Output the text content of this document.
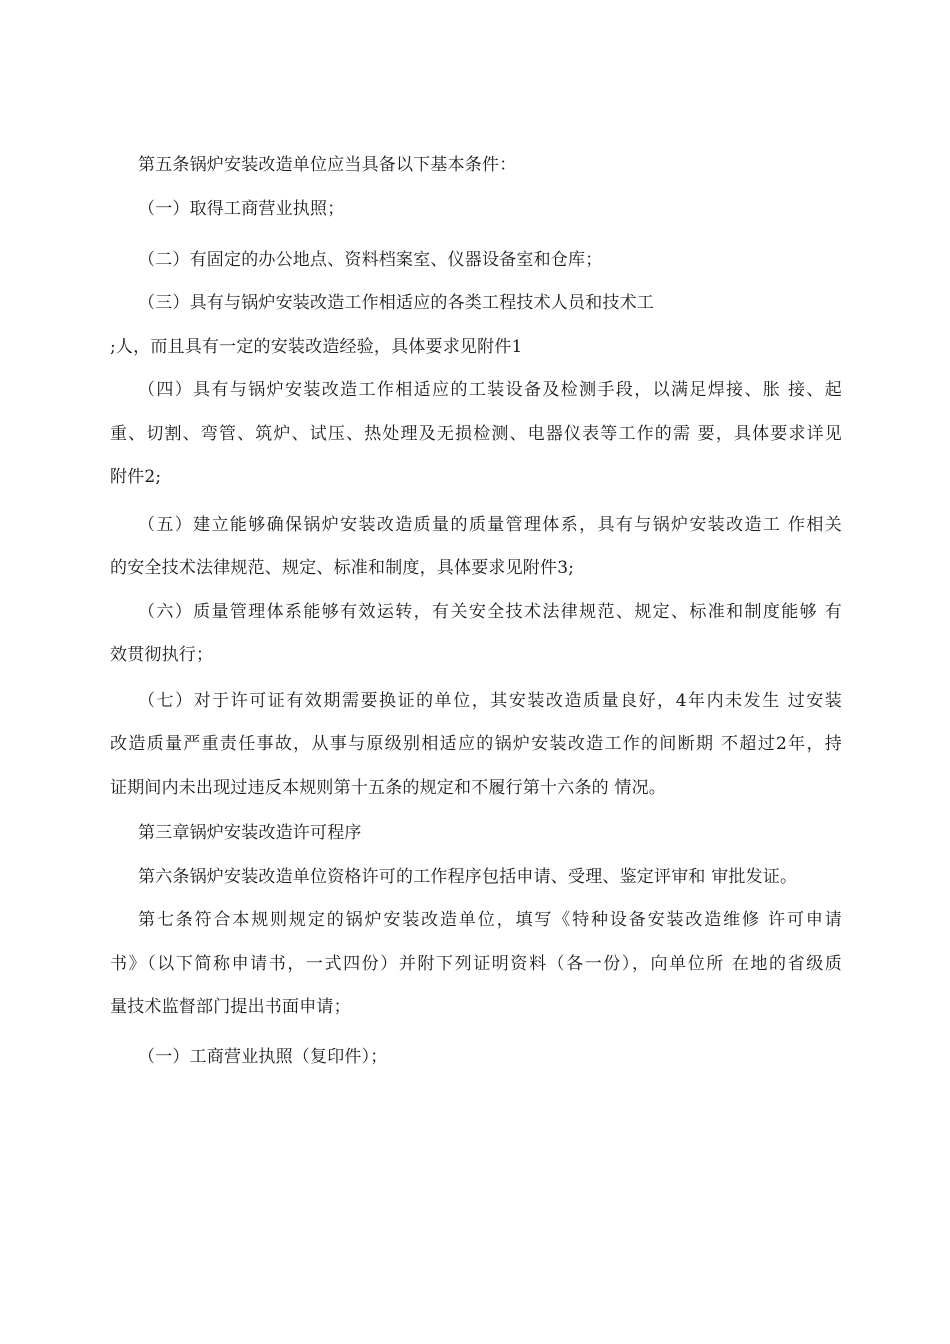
第五条锅炉安装改造单位应当具备以下基本条件：
（一）取得工商营业执照；
（二）有固定的办公地点、资料档案室、仪器设备室和仓库；
（三）具有与锅炉安装改造工作相适应的各类工程技术人员和技术工
;人，而且具有一定的安装改造经验，具体要求见附件1
（四）具有与锅炉安装改造工作相适应的工装设备及检测手段，以满足焊接、胀 接、起
重、切割、弯管、筑炉、试压、热处理及无损检测、电器仪表等工作的需 要，具体要求详见
附件2;
（五）建立能够确保锅炉安装改造质量的质量管理体系，具有与锅炉安装改造工 作相关
的安全技术法律规范、规定、标准和制度，具体要求见附件3;
（六）质量管理体系能够有效运转，有关安全技术法律规范、规定、标准和制度能够 有
效贯彻执行；
（七）对于许可证有效期需要换证的单位，其安装改造质量良好，4年内未发生 过安装
改造质量严重责任事故，从事与原级别相适应的锅炉安装改造工作的间断期 不超过2年，持
证期间内未出现过违反本规则第十五条的规定和不履行第十六条的 情况。
第三章锅炉安装改造许可程序
第六条锅炉安装改造单位资格许可的工作程序包括申请、受理、鉴定评审和 审批发证。
第七条符合本规则规定的锅炉安装改造单位，填写《特种设备安装改造维修 许可申请
书》（以下简称申请书，一式四份）并附下列证明资料（各一份），向单位所 在地的省级质
量技术监督部门提出书面申请；
（一）工商营业执照（复印件）；
